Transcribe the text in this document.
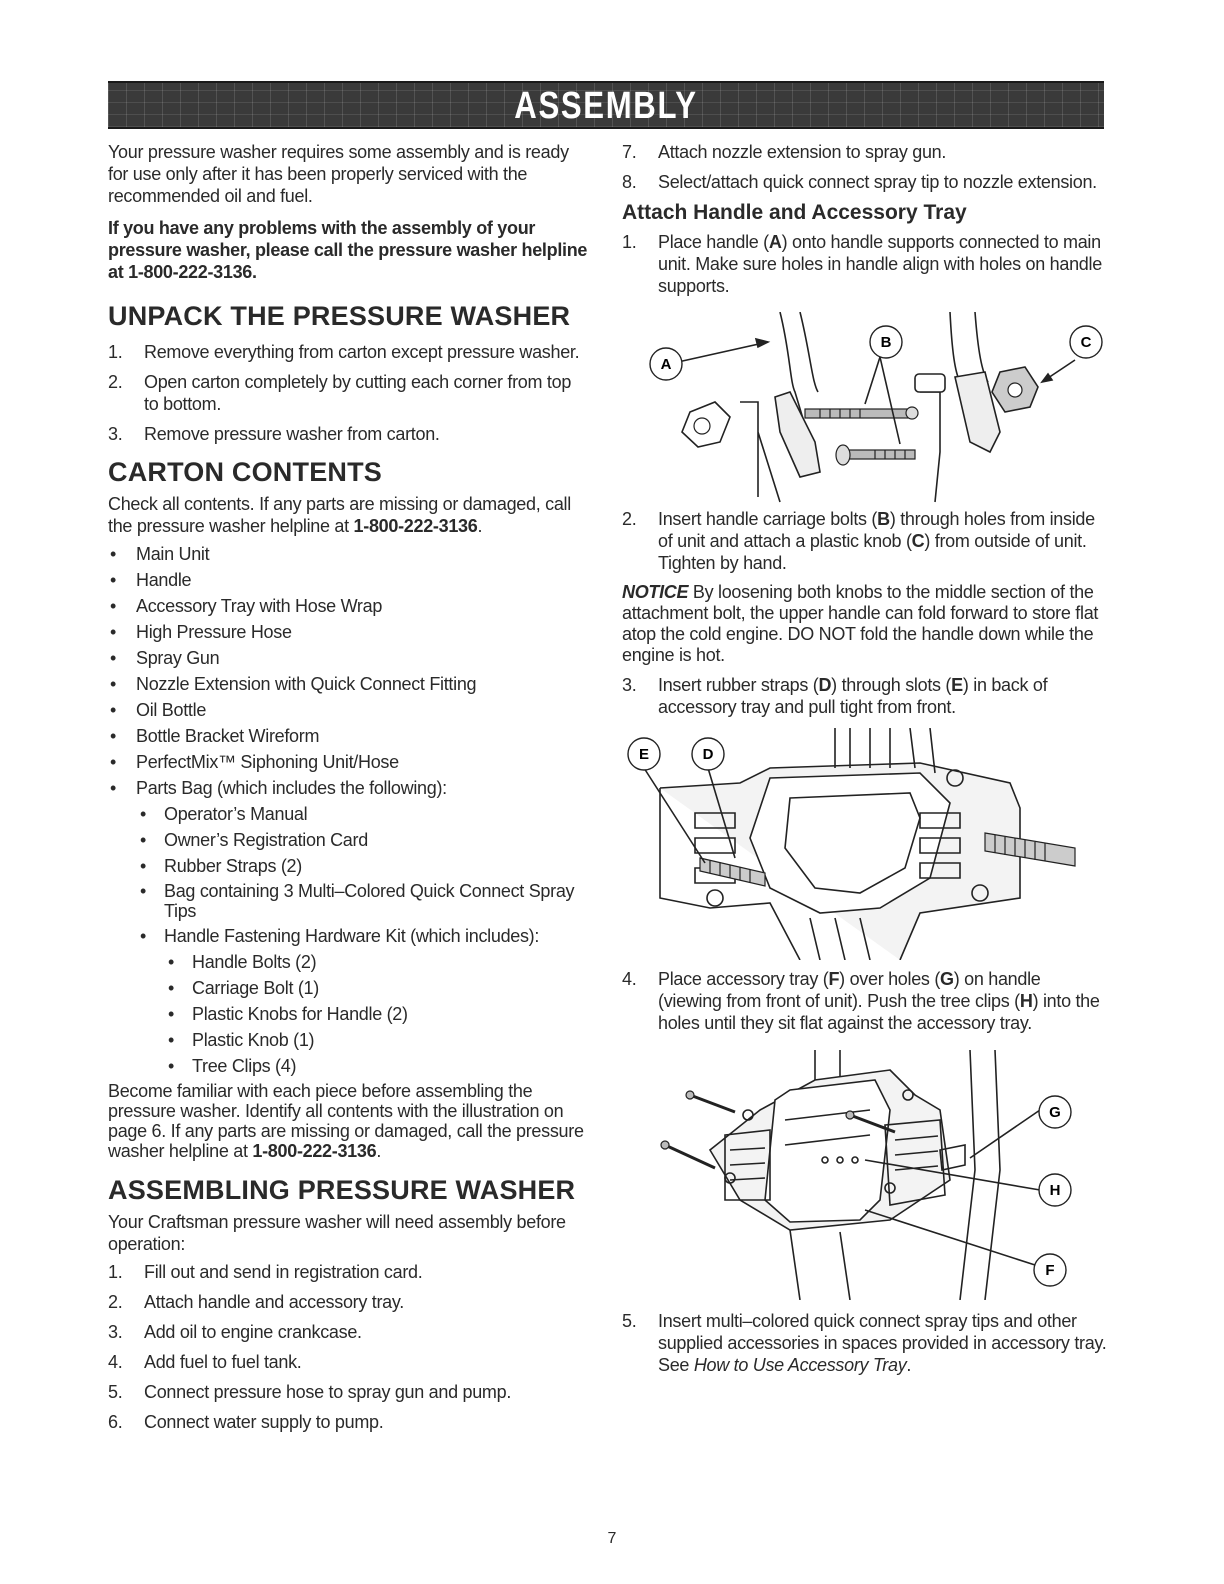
ASSEMBLY

Your pressure washer requires some assembly and is ready for use only after it has been properly serviced with the recommended oil and fuel.

If you have any problems with the assembly of your pressure washer, please call the pressure washer helpline at 1-800-222-3136.

UNPACK THE PRESSURE WASHER
1. Remove everything from carton except pressure washer.
2. Open carton completely by cutting each corner from top to bottom.
3. Remove pressure washer from carton.
CARTON CONTENTS

Check all contents. If any parts are missing or damaged, call the pressure washer helpline at 1-800-222-3136.

• Main Unit
• Handle
• Accessory Tray with Hose Wrap
• High Pressure Hose
• Spray Gun
• Nozzle Extension with Quick Connect Fitting
• Oil Bottle
• Bottle Bracket Wireform
• PerfectMix™ Siphoning Unit/Hose
• Parts Bag (which includes the following):
• Operator’s Manual
• Owner’s Registration Card
• Rubber Straps (2)
• Bag containing 3 Multi–Colored Quick Connect Spray Tips
• Handle Fastening Hardware Kit (which includes):
• Handle Bolts (2)
• Carriage Bolt (1)
• Plastic Knobs for Handle (2)
• Plastic Knob (1)
• Tree Clips (4)

Become familiar with each piece before assembling the pressure washer. Identify all contents with the illustration on page 6. If any parts are missing or damaged, call the pressure washer helpline at 1-800-222-3136.

ASSEMBLING PRESSURE WASHER

Your Craftsman pressure washer will need assembly before operation:

1. Fill out and send in registration card.
2. Attach handle and accessory tray.
3. Add oil to engine crankcase.
4. Add fuel to fuel tank.
5. Connect pressure hose to spray gun and pump.
6. Connect water supply to pump.
7. Attach nozzle extension to spray gun.
8. Select/attach quick connect spray tip to nozzle extension.
Attach Handle and Accessory Tray
1. Place handle (A) onto handle supports connected to main unit. Make sure holes in handle align with holes on handle supports.
A
B	C
2. Insert handle carriage bolts (B) through holes from inside of unit and attach a plastic knob (C) from outside of unit. Tighten by hand.

NOTICE By loosening both knobs to the middle section of the attachment bolt, the upper handle can fold forward to store flat atop the cold engine. DO NOT fold the handle down while the engine is hot.

3. Insert rubber straps (D) through slots (E) in back of accessory tray and pull tight from front.
E	D
4. Place accessory tray (F) over holes (G) on handle (viewing from front of unit). Push the tree clips (H) into the holes until they sit flat against the accessory tray.
G
H
F
5. Insert multi–colored quick connect spray tips and other supplied accessories in spaces provided in accessory tray. See How to Use Accessory Tray.
7
